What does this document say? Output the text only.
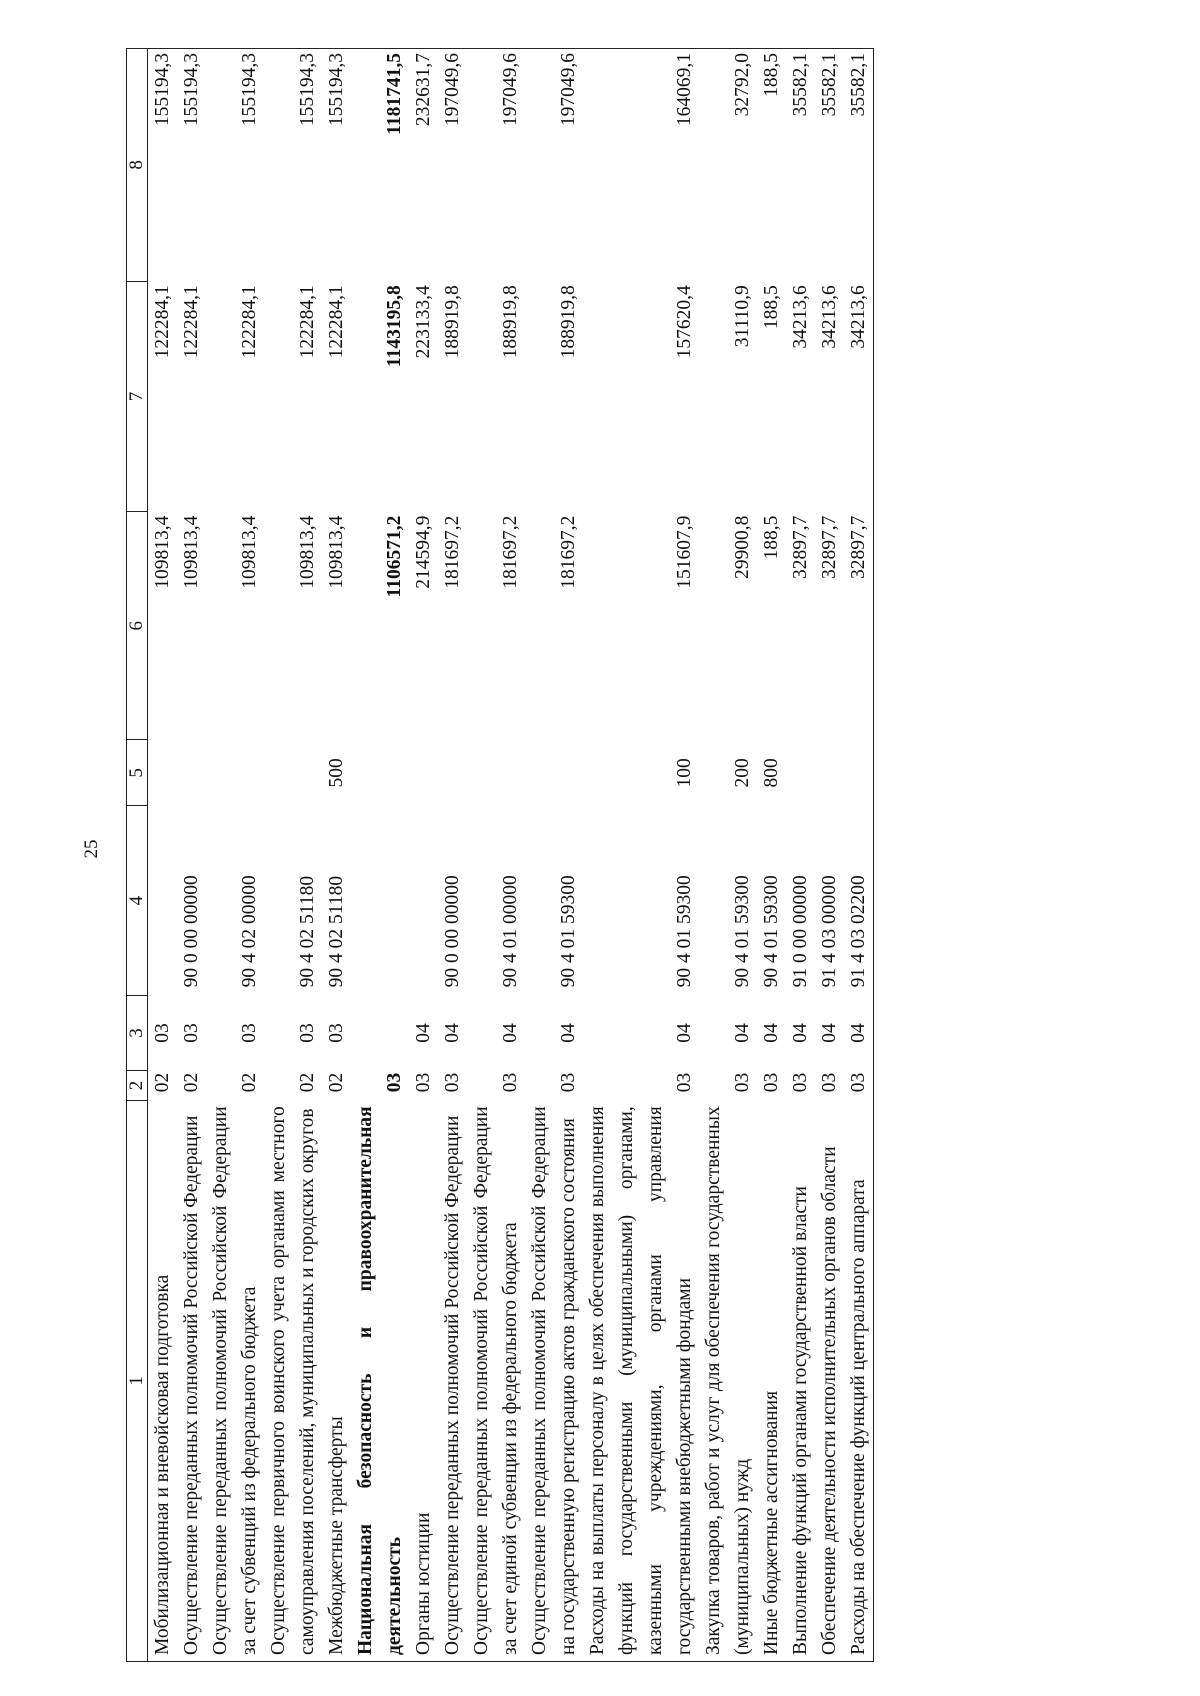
25
1	2	3	4	5	6	7	8
Мобилизационная и вневойсковая подготовка	02	03			109813,4	122284,1	155194,3
Осуществление переданных полномочий Российской Федерации	02	03	90 0 00 00000		109813,4	122284,1	155194,3
Осуществление переданных полномочий Российской Федерации за счет субвенций из федерального бюджета	02	03	90 4 02 00000		109813,4	122284,1	155194,3
Осуществление первичного воинского учета органами местного самоуправления поселений, муниципальных и городских округов	02	03	90 4 02 51180		109813,4	122284,1	155194,3
Межбюджетные трансферты	02	03	90 4 02 51180	500	109813,4	122284,1	155194,3
Национальная безопасность и правоохранительная деятельность	03				1106571,2	1143195,8	1181741,5
Органы юстиции	03	04			214594,9	223133,4	232631,7
Осуществление переданных полномочий Российской Федерации	03	04	90 0 00 00000		181697,2	188919,8	197049,6
Осуществление переданных полномочий Российской Федерации за счет единой субвенции из федерального бюджета	03	04	90 4 01 00000		181697,2	188919,8	197049,6
Осуществление переданных полномочий Российской Федерации на государственную регистрацию актов гражданского состояния	03	04	90 4 01 59300		181697,2	188919,8	197049,6
Расходы на выплаты персоналу в целях обеспечения выполнения функций государственными (муниципальными) органами, казенными учреждениями, органами управления государственными внебюджетными фондами	03	04	90 4 01 59300	100	151607,9	157620,4	164069,1
Закупка товаров, работ и услуг для обеспечения государственных (муниципальных) нужд	03	04	90 4 01 59300	200	29900,8	31110,9	32792,0
Иные бюджетные ассигнования	03	04	90 4 01 59300	800	188,5	188,5	188,5
Выполнение функций органами государственной власти	03	04	91 0 00 00000		32897,7	34213,6	35582,1
Обеспечение деятельности исполнительных органов области	03	04	91 4 03 00000		32897,7	34213,6	35582,1
Расходы на обеспечение функций центрального аппарата	03	04	91 4 03 02200		32897,7	34213,6	35582,1
